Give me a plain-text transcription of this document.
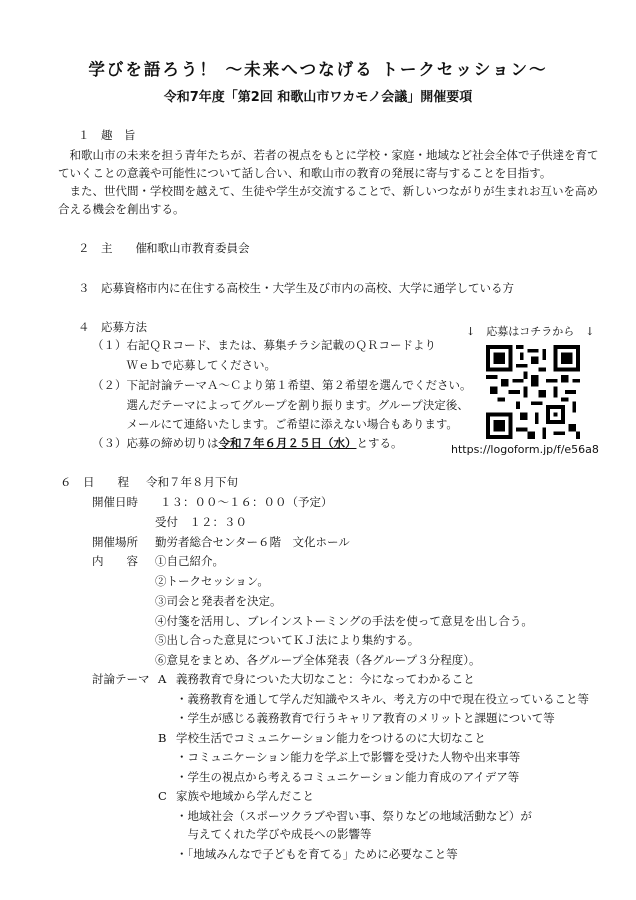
学びを語ろう！ ～未来へつなげる トークセッション～
令和7年度「第2回 和歌山市ワカモノ会議」開催要項
１　趣　旨
　和歌山市の未来を担う青年たちが、若者の視点をもとに学校・家庭・地域など社会全体で子供達を育て
ていくことの意義や可能性について話し合い、和歌山市の教育の発展に寄与することを目指す。
　また、世代間・学校間を越えて、生徒や学生が交流することで、新しいつながりが生まれお互いを高め
合える機会を創出する。
２　主　　催 和歌山市教育委員会
３　応募資格 市内に在住する高校生・大学生及び市内の高校、大学に通学している方
４　応募方法
（１）右記ＱＲコード、または、募集チラシ記載のＱＲコードより
　　　Ｗｅｂで応募してください。
（２）下記討論テーマＡ～Ｃより第１希望、第２希望を選んでください。
　　　選んだテーマによってグループを割り振ります。グループ決定後、
　　　メールにて連絡いたします。ご希望に添えない場合もあります。
（３）応募の締め切りは令和７年６月２５日（水）とする。
↓　応募はコチラから　↓
https://logoform.jp/f/e56a8
６　日　　程 令和７年８月下旬
開催日時 １３：００～１６：００（予定）
受付　１２：３０
開催場所 勤労者総合センター６階　文化ホール
内　　容 ①自己紹介。
②トークセッション。
③司会と発表者を決定。
④付箋を活用し、ブレインストーミングの手法を使って意見を出し合う。
⑤出し合った意見についてＫＪ法により集約する。
⑥意見をまとめ、各グループ全体発表（各グループ３分程度）。
討論テーマ A 義務教育で身についた大切なこと：今になってわかること
・義務教育を通して学んだ知識やスキル、考え方の中で現在役立っていること等
・学生が感じる義務教育で行うキャリア教育のメリットと課題について等
B 学校生活でコミュニケーション能力をつけるのに大切なこと
・コミュニケーション能力を学ぶ上で影響を受けた人物や出来事等
・学生の視点から考えるコミュニケーション能力育成のアイデア等
C 家族や地域から学んだこと
・地域社会（スポーツクラブや習い事、祭りなどの地域活動など）が
　与えてくれた学びや成長への影響等
・「地域みんなで子どもを育てる」ために必要なこと等
